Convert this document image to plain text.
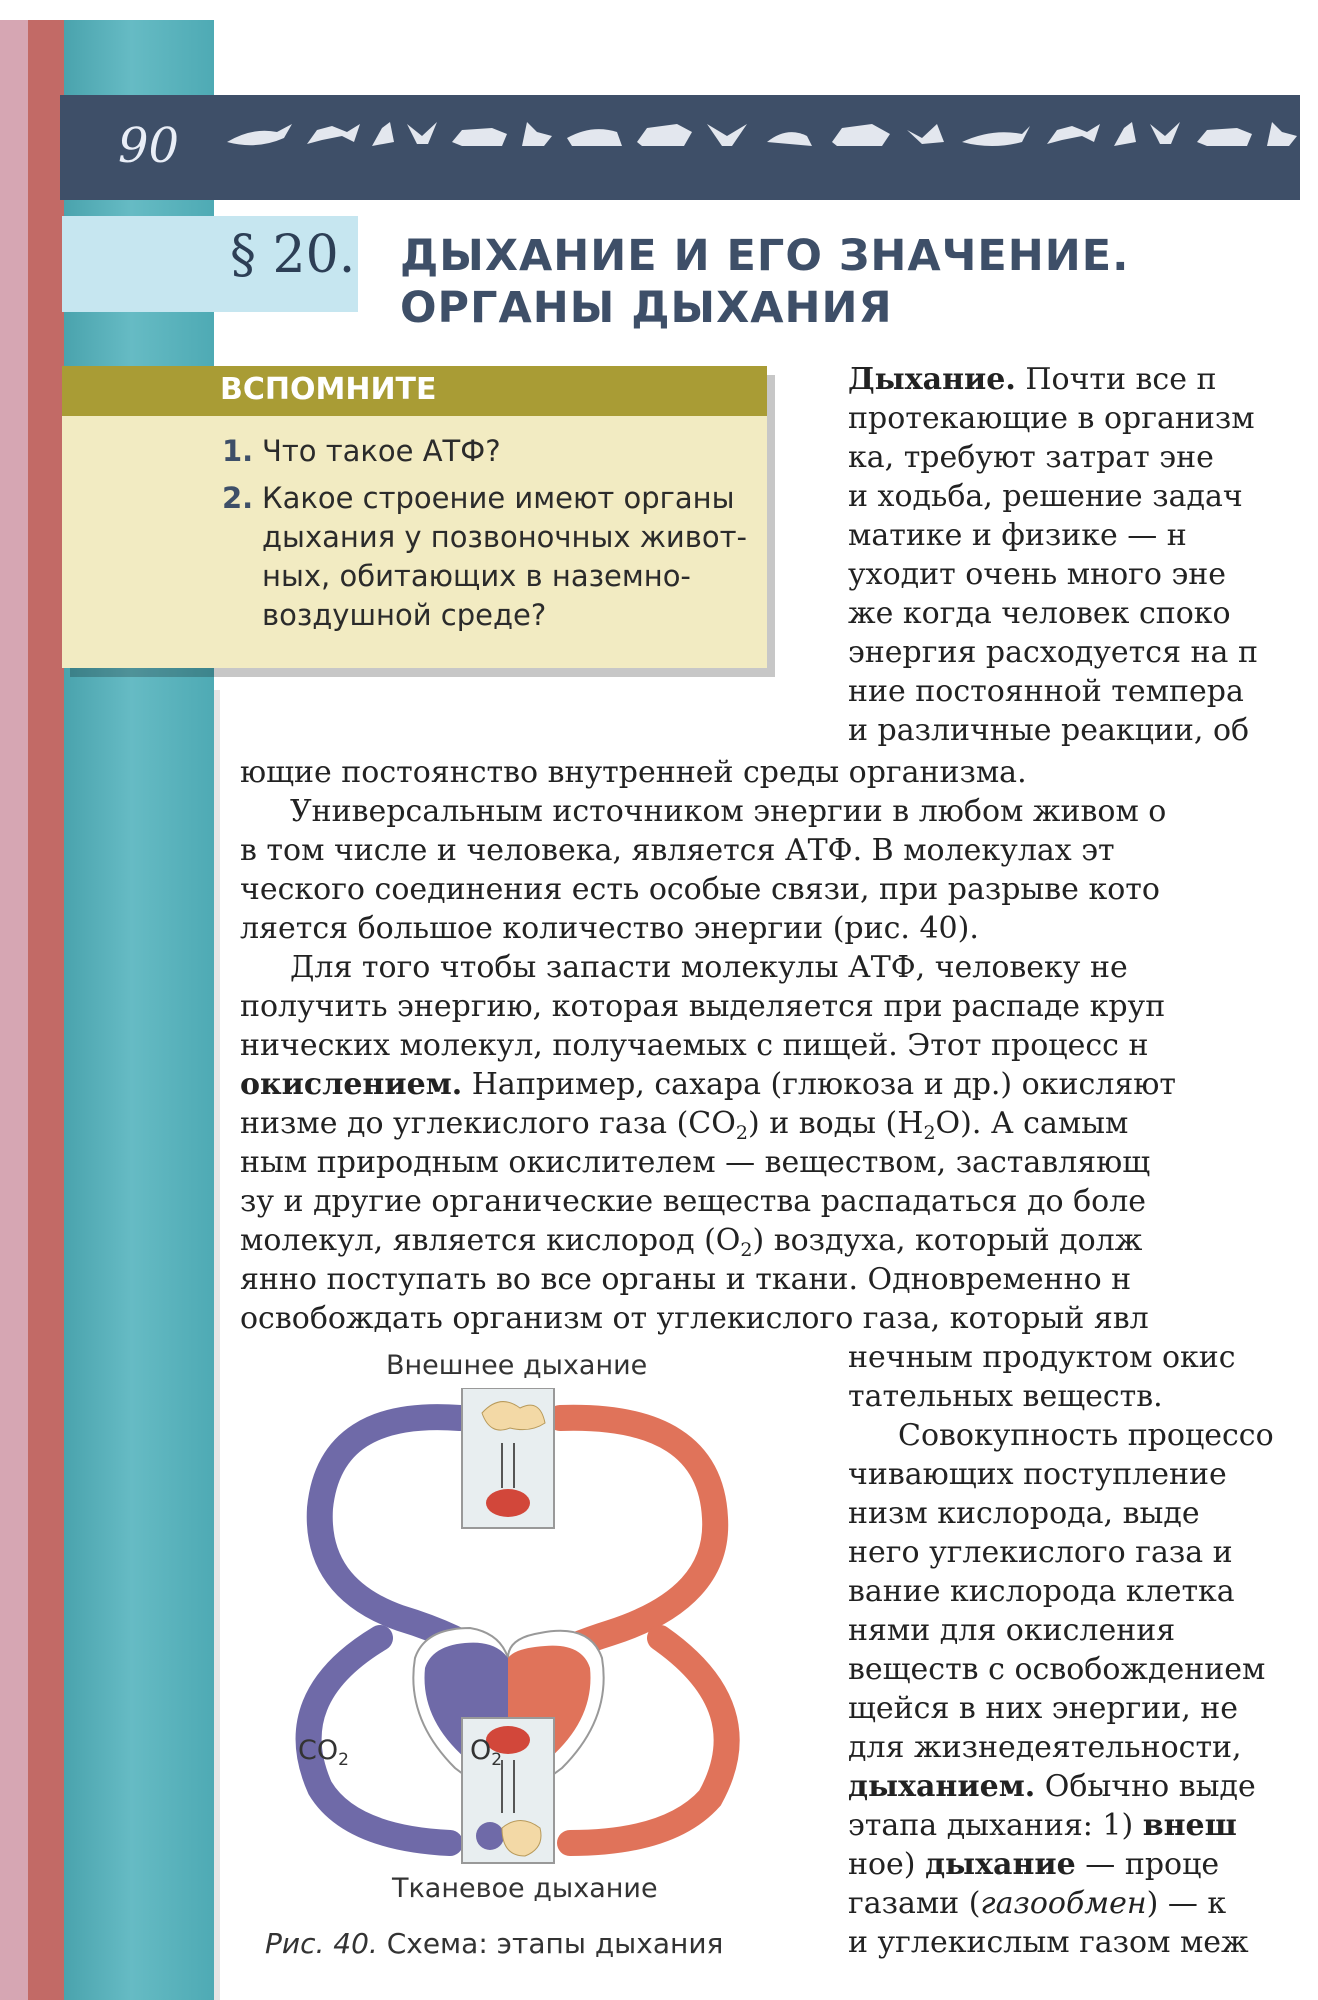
90
§ 20. ДЫХАНИЕ И ЕГО ЗНАЧЕНИЕ.
ОРГАНЫ ДЫХАНИЯ
ВСПОМНИТЕ
1. Что такое АТФ?
2. Какое строение имеют органы
дыхания у позвоночных живот-
ных, обитающих в наземно-
воздушной среде?
Дыхание. Почти все п
протекающие в организм
ка, требуют затрат эне
и ходьба, решение задач
матике и физике — н
уходит очень много эне
же когда человек споко
энергия расходуется на п
ние постоянной темпера
и различные реакции, об
ющие постоянство внутренней среды организма.
Универсальным источником энергии в любом живом о
в том числе и человека, является АТФ. В молекулах эт
ческого соединения есть особые связи, при разрыве кото
ляется большое количество энергии (рис. 40).
Для того чтобы запасти молекулы АТФ, человеку не
получить энергию, которая выделяется при распаде круп
нических молекул, получаемых с пищей. Этот процесс н
окислением. Например, сахара (глюкоза и др.) окисляют
низме до углекислого газа $(CO_2)$ и воды $(H_2O)$. А самым
ным природным окислителем — веществом, заставляющ
зу и другие органические вещества распадаться до боле
молекул, является кислород $(O_2)$ воздуха, который долж
янно поступать во все органы и ткани. Одновременно н
освобождать организм от углекислого газа, который явл
нечным продуктом окис
тательных веществ.
Совокупность процессо
чивающих поступление
низм кислорода, выде
него углекислого газа и
вание кислорода клетка
нями для окисления
веществ с освобождением
щейся в них энергии, не
для жизнедеятельности,
дыханием. Обычно выде
этапа дыхания: 1) внеш
ное) дыхание — проце
газами (газообмен) — к
и углекислым газом меж
Внешнее дыхание
$CO_2$	$O_2$
Тканевое дыхание
Рис. 40. Схема: этапы дыхания
